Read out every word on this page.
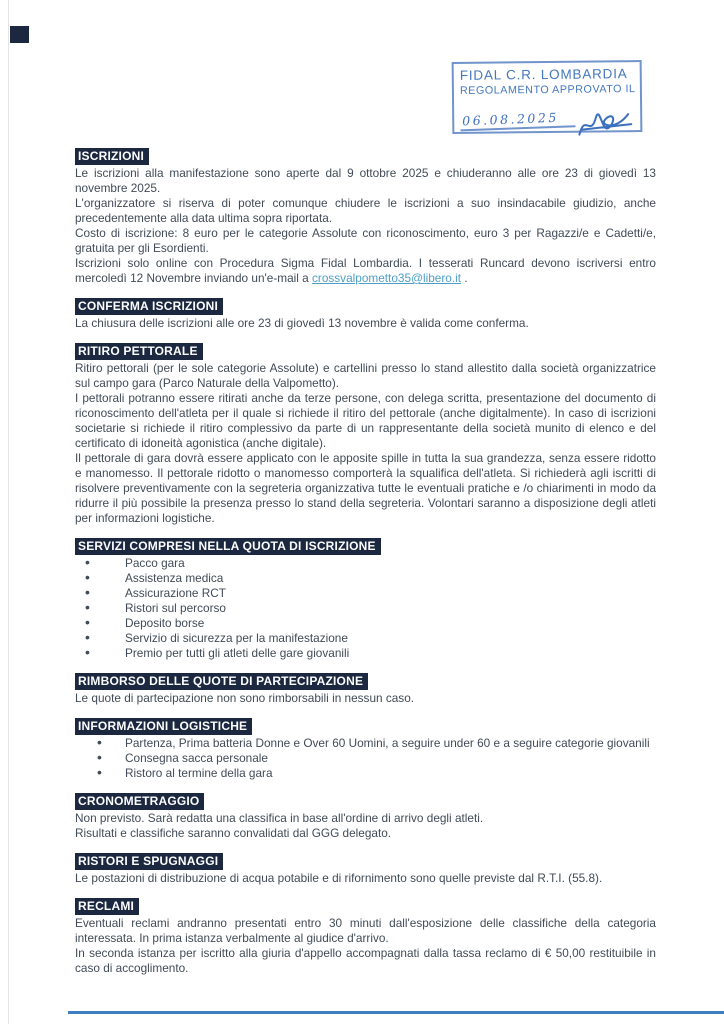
FIDAL C.R. LOMBARDIA
REGOLAMENTO APPROVATO IL
06.08.2025
ISCRIZIONI

Le iscrizioni alla manifestazione sono aperte dal 9 ottobre 2025 e chiuderanno alle ore 23 di giovedì 13 novembre 2025.

L'organizzatore si riserva di poter comunque chiudere le iscrizioni a suo insindacabile giudizio, anche precedentemente alla data ultima sopra riportata.

Costo di iscrizione: 8 euro per le categorie Assolute con riconoscimento, euro 3 per Ragazzi/e e Cadetti/e, gratuita per gli Esordienti.

Iscrizioni solo online con Procedura Sigma Fidal Lombardia. I tesserati Runcard devono iscriversi entro mercoledì 12 Novembre inviando un'e-mail a crossvalpometto35@libero.it .

CONFERMA ISCRIZIONI

La chiusura delle iscrizioni alle ore 23 di giovedì 13 novembre è valida come conferma.

RITIRO PETTORALE

Ritiro pettorali (per le sole categorie Assolute) e cartellini presso lo stand allestito dalla società organizzatrice sul campo gara (Parco Naturale della Valpometto).

I pettorali potranno essere ritirati anche da terze persone, con delega scritta, presentazione del documento di riconoscimento dell'atleta per il quale si richiede il ritiro del pettorale (anche digitalmente). In caso di iscrizioni societarie si richiede il ritiro complessivo da parte di un rappresentante della società munito di elenco e del certificato di idoneità agonistica (anche digitale).

Il pettorale di gara dovrà essere applicato con le apposite spille in tutta la sua grandezza, senza essere ridotto e manomesso. Il pettorale ridotto o manomesso comporterà la squalifica dell'atleta. Si richiederà agli iscritti di risolvere preventivamente con la segreteria organizzativa tutte le eventuali pratiche e /o chiarimenti in modo da ridurre il più possibile la presenza presso lo stand della segreteria. Volontari saranno a disposizione degli atleti per informazioni logistiche.

SERVIZI COMPRESI NELLA QUOTA DI ISCRIZIONE
• Pacco gara
• Assistenza medica
• Assicurazione RCT
• Ristori sul percorso
• Deposito borse
• Servizio di sicurezza per la manifestazione
• Premio per tutti gli atleti delle gare giovanili
RIMBORSO DELLE QUOTE DI PARTECIPAZIONE

Le quote di partecipazione non sono rimborsabili in nessun caso.

INFORMAZIONI LOGISTICHE
• Partenza, Prima batteria Donne e Over 60 Uomini, a seguire under 60 e a seguire categorie giovanili
• Consegna sacca personale
• Ristoro al termine della gara
CRONOMETRAGGIO

Non previsto. Sarà redatta una classifica in base all'ordine di arrivo degli atleti.

Risultati e classifiche saranno convalidati dal GGG delegato.

RISTORI E SPUGNAGGI

Le postazioni di distribuzione di acqua potabile e di rifornimento sono quelle previste dal R.T.I. (55.8).

RECLAMI

Eventuali reclami andranno presentati entro 30 minuti dall'esposizione delle classifiche della categoria interessata. In prima istanza verbalmente al giudice d'arrivo.

In seconda istanza per iscritto alla giuria d'appello accompagnati dalla tassa reclamo di € 50,00 restituibile in caso di accoglimento.
